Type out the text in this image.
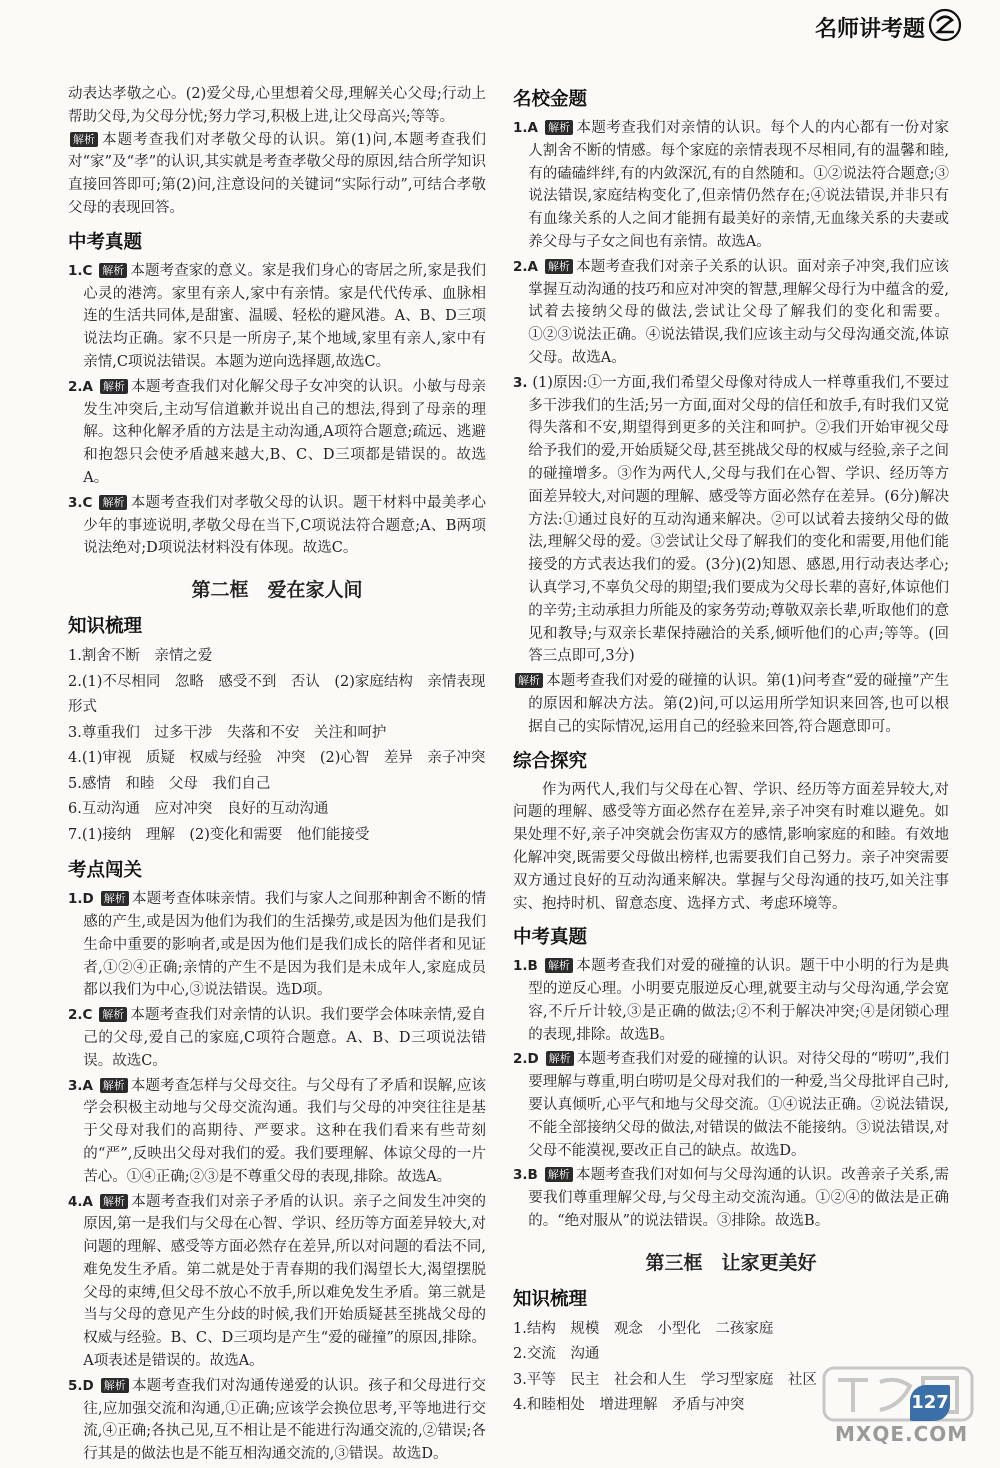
名师讲考题

动表达孝敬之心。(2)爱父母,心里想着父母,理解关心父母;行动上帮助父母,为父母分忧;努力学习,积极上进,让父母高兴;等等。

解析 本题考查我们对孝敬父母的认识。第(1)问,本题考查我们对“家”及“孝”的认识,其实就是考查孝敬父母的原因,结合所学知识直接回答即可;第(2)问,注意设问的关键词“实际行动”,可结合孝敬父母的表现回答。

中考真题

1.C 解析 本题考查家的意义。家是我们身心的寄居之所,家是我们心灵的港湾。家里有亲人,家中有亲情。家是代代传承、血脉相连的生活共同体,是甜蜜、温暖、轻松的避风港。A、B、D三项说法均正确。家不只是一所房子,某个地域,家里有亲人,家中有亲情,C项说法错误。本题为逆向选择题,故选C。

2.A 解析 本题考查我们对化解父母子女冲突的认识。小敏与母亲发生冲突后,主动写信道歉并说出自己的想法,得到了母亲的理解。这种化解矛盾的方法是主动沟通,A项符合题意;疏远、逃避和抱怨只会使矛盾越来越大,B、C、D三项都是错误的。故选A。

3.C 解析 本题考查我们对孝敬父母的认识。题干材料中最美孝心少年的事迹说明,孝敬父母在当下,C项说法符合题意;A、B两项说法绝对;D项说法材料没有体现。故选C。

第二框　爱在家人间
知识梳理

1.割舍不断　亲情之爱

2.(1)不尽相同　忽略　感受不到　否认　(2)家庭结构　亲情表现形式

3.尊重我们　过多干涉　失落和不安　关注和呵护

4.(1)审视　质疑　权威与经验　冲突　(2)心智　差异　亲子冲突

5.感情　和睦　父母　我们自己

6.互动沟通　应对冲突　良好的互动沟通

7.(1)接纳　理解　(2)变化和需要　他们能接受

考点闯关

1.D 解析 本题考查体味亲情。我们与家人之间那种割舍不断的情感的产生,或是因为他们为我们的生活操劳,或是因为他们是我们生命中重要的影响者,或是因为他们是我们成长的陪伴者和见证者,①②④正确;亲情的产生不是因为我们是未成年人,家庭成员都以我们为中心,③说法错误。选D项。

2.C 解析 本题考查我们对亲情的认识。我们要学会体味亲情,爱自己的父母,爱自己的家庭,C项符合题意。A、B、D三项说法错误。故选C。

3.A 解析 本题考查怎样与父母交往。与父母有了矛盾和误解,应该学会积极主动地与父母交流沟通。我们与父母的冲突往往是基于父母对我们的高期待、严要求。这种在我们看来有些苛刻的“严”,反映出父母对我们的爱。我们要理解、体谅父母的一片苦心。①④正确;②③是不尊重父母的表现,排除。故选A。

4.A 解析 本题考查我们对亲子矛盾的认识。亲子之间发生冲突的原因,第一是我们与父母在心智、学识、经历等方面差异较大,对问题的理解、感受等方面必然存在差异,所以对问题的看法不同,难免发生矛盾。第二就是处于青春期的我们渴望长大,渴望摆脱父母的束缚,但父母不放心不放手,所以难免发生矛盾。第三就是当与父母的意见产生分歧的时候,我们开始质疑甚至挑战父母的权威与经验。B、C、D三项均是产生“爱的碰撞”的原因,排除。A项表述是错误的。故选A。

5.D 解析 本题考查我们对沟通传递爱的认识。孩子和父母进行交往,应加强交流和沟通,①正确;应该学会换位思考,平等地进行交流,④正确;各执己见,互不相让是不能进行沟通交流的,②错误;各行其是的做法也是不能互相沟通交流的,③错误。故选D。

名校金题

1.A 解析 本题考查我们对亲情的认识。每个人的内心都有一份对家人割舍不断的情感。每个家庭的亲情表现不尽相同,有的温馨和睦,有的磕磕绊绊,有的内敛深沉,有的自然随和。①②说法符合题意;③说法错误,家庭结构变化了,但亲情仍然存在;④说法错误,并非只有有血缘关系的人之间才能拥有最美好的亲情,无血缘关系的夫妻或养父母与子女之间也有亲情。故选A。

2.A 解析 本题考查我们对亲子关系的认识。面对亲子冲突,我们应该掌握互动沟通的技巧和应对冲突的智慧,理解父母行为中蕴含的爱,试着去接纳父母的做法,尝试让父母了解我们的变化和需要。①②③说法正确。④说法错误,我们应该主动与父母沟通交流,体谅父母。故选A。

3. (1)原因:①一方面,我们希望父母像对待成人一样尊重我们,不要过多干涉我们的生活;另一方面,面对父母的信任和放手,有时我们又觉得失落和不安,期望得到更多的关注和呵护。②我们开始审视父母给予我们的爱,开始质疑父母,甚至挑战父母的权威与经验,亲子之间的碰撞增多。③作为两代人,父母与我们在心智、学识、经历等方面差异较大,对问题的理解、感受等方面必然存在差异。(6分)解决方法:①通过良好的互动沟通来解决。②可以试着去接纳父母的做法,理解父母的爱。③尝试让父母了解我们的变化和需要,用他们能接受的方式表达我们的爱。(3分)(2)知恩、感恩,用行动表达孝心;认真学习,不辜负父母的期望;我们要成为父母长辈的喜好,体谅他们的辛劳;主动承担力所能及的家务劳动;尊敬双亲长辈,听取他们的意见和教导;与双亲长辈保持融洽的关系,倾听他们的心声;等等。(回答三点即可,3分)

解析 本题考查我们对爱的碰撞的认识。第(1)问考查“爱的碰撞”产生的原因和解决方法。第(2)问,可以运用所学知识来回答,也可以根据自己的实际情况,运用自己的经验来回答,符合题意即可。

综合探究

作为两代人,我们与父母在心智、学识、经历等方面差异较大,对问题的理解、感受等方面必然存在差异,亲子冲突有时难以避免。如果处理不好,亲子冲突就会伤害双方的感情,影响家庭的和睦。有效地化解冲突,既需要父母做出榜样,也需要我们自己努力。亲子冲突需要双方通过良好的互动沟通来解决。掌握与父母沟通的技巧,如关注事实、抱持时机、留意态度、选择方式、考虑环境等。

中考真题

1.B 解析 本题考查我们对爱的碰撞的认识。题干中小明的行为是典型的逆反心理。小明要克服逆反心理,就要主动与父母沟通,学会宽容,不斤斤计较,③是正确的做法;②不利于解决冲突;④是闭锁心理的表现,排除。故选B。

2.D 解析 本题考查我们对爱的碰撞的认识。对待父母的“唠叨”,我们要理解与尊重,明白唠叨是父母对我们的一种爱,当父母批评自己时,要认真倾听,心平气和地与父母交流。①④说法正确。②说法错误,不能全部接纳父母的做法,对错误的做法不能接纳。③说法错误,对父母不能漠视,要改正自己的缺点。故选D。

3.B 解析 本题考查我们对如何与父母沟通的认识。改善亲子关系,需要我们尊重理解父母,与父母主动交流沟通。①②④的做法是正确的。“绝对服从”的说法错误。③排除。故选B。

第三框　让家更美好
知识梳理

1.结构　规模　观念　小型化　二孩家庭

2.交流　沟通

3.平等　民主　社会和人生　学习型家庭　社区

4.和睦相处　增进理解　矛盾与冲突	127
MXQE.COM
